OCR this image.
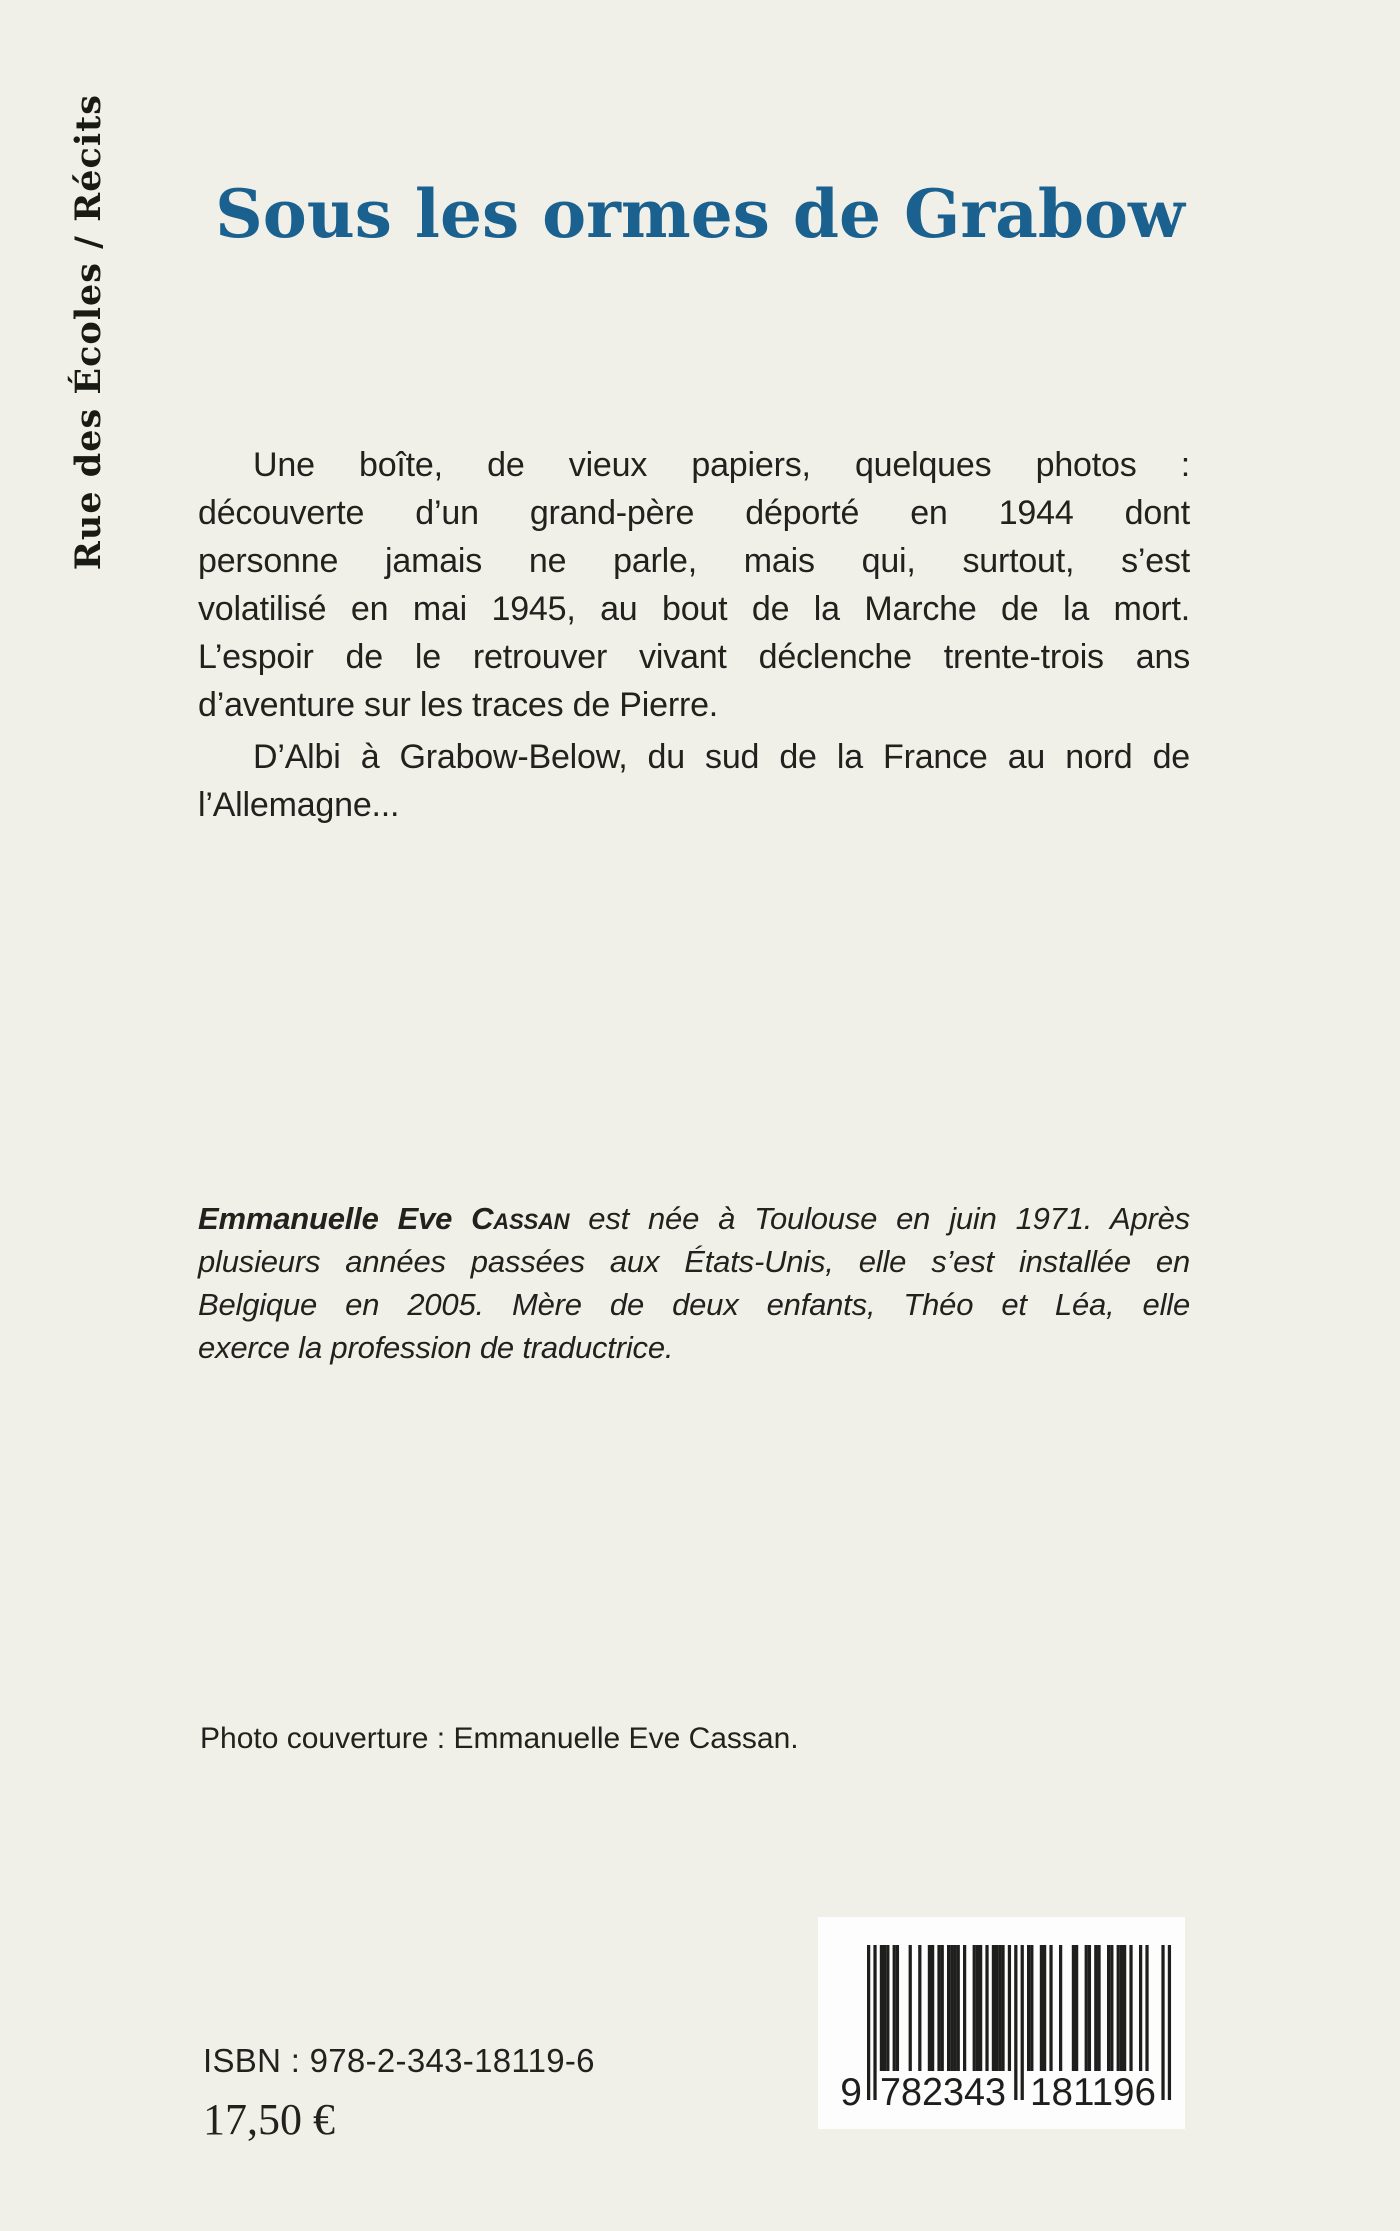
Rue des Écoles / Récits	Sous les ormes de Grabow
Une boîte, de vieux papiers, quelques photos :
découverte d’un grand-père déporté en 1944 dont
personne jamais ne parle, mais qui, surtout, s’est
volatilisé en mai 1945, au bout de la Marche de la mort.
L’espoir de le retrouver vivant déclenche trente-trois ans
d’aventure sur les traces de Pierre.
D’Albi à Grabow-Below, du sud de la France au nord de
l’Allemagne...
Emmanuelle Eve Cassan est née à Toulouse en juin 1971. Après
plusieurs années passées aux États-Unis, elle s’est installée en
Belgique en 2005. Mère de deux enfants, Théo et Léa, elle
exerce la profession de traductrice.

Photo couverture : Emmanuelle Eve Cassan.

ISBN : 978-2-343-18119-6

17,50 €

9 782343 181196
